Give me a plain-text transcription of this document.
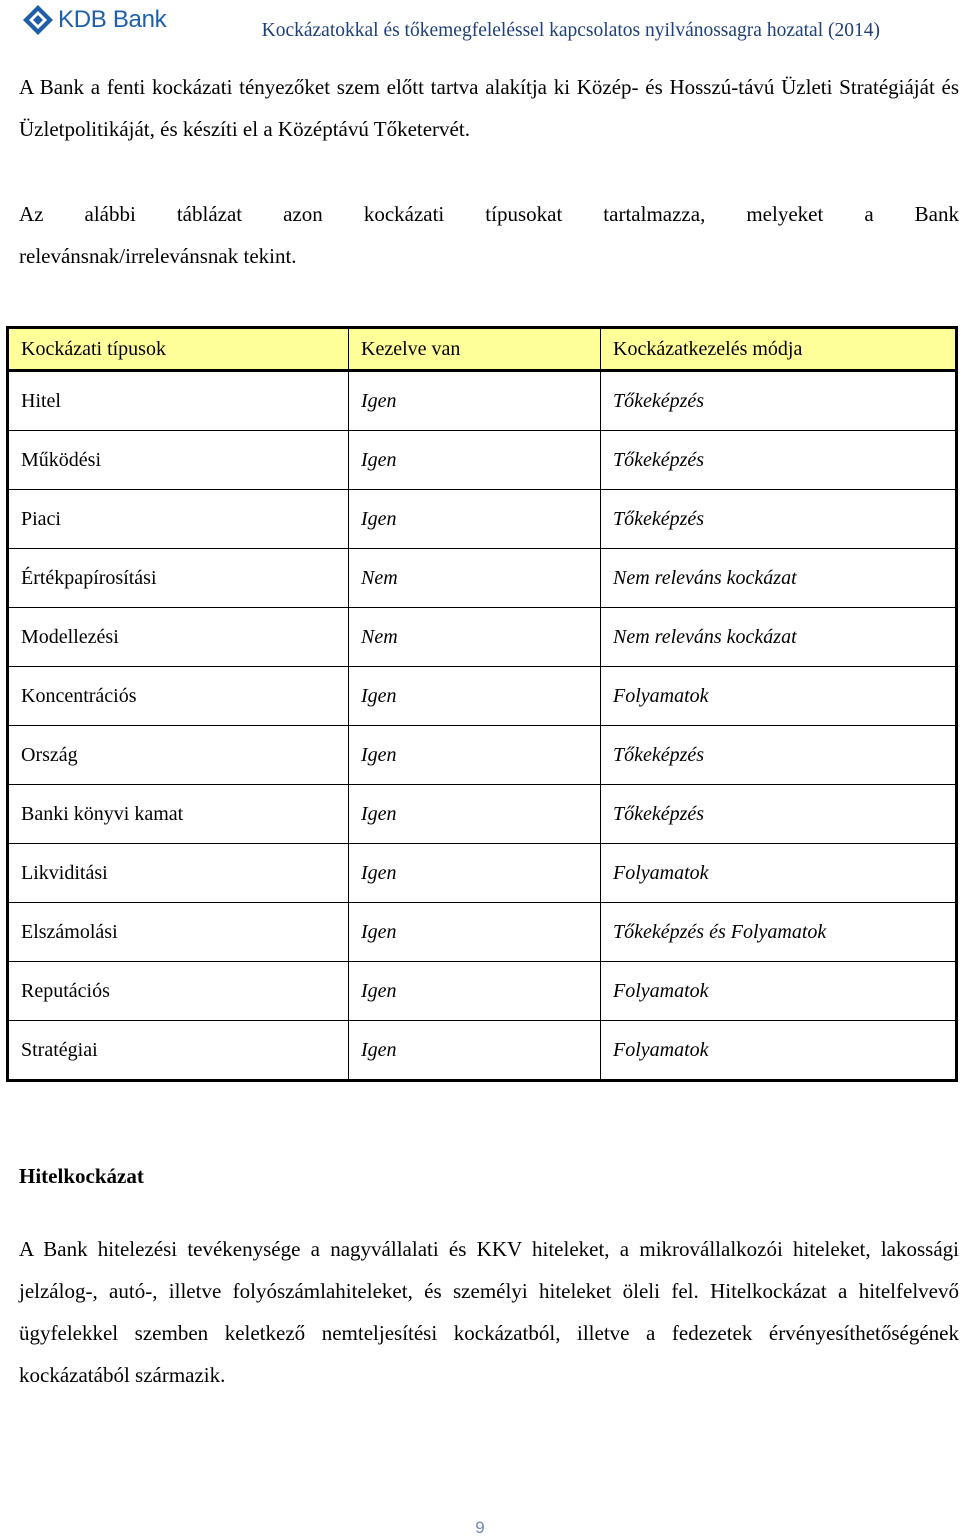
KDB Bank	Kockázatokkal és tőkemegfeleléssel kapcsolatos nyilvánossagra hozatal (2014)
A Bank a fenti kockázati tényezőket szem előtt tartva alakítja ki Közép- és Hosszú-távú Üzleti Stratégiáját és Üzletpolitikáját, és készíti el a Középtávú Tőketervét.
Az alábbi táblázat azon kockázati típusokat tartalmazza, melyeket a Bank
relevánsnak/irrelevánsnak tekint.
Kockázati típusok	Kezelve van	Kockázatkezelés módja
Hitel	Igen	Tőkeképzés
Működési	Igen	Tőkeképzés
Piaci	Igen	Tőkeképzés
Értékpapírosítási	Nem	Nem releváns kockázat
Modellezési	Nem	Nem releváns kockázat
Koncentrációs	Igen	Folyamatok
Ország	Igen	Tőkeképzés
Banki könyvi kamat	Igen	Tőkeképzés
Likviditási	Igen	Folyamatok
Elszámolási	Igen	Tőkeképzés és Folyamatok
Reputációs	Igen	Folyamatok
Stratégiai	Igen	Folyamatok
Hitelkockázat
A Bank hitelezési tevékenysége a nagyvállalati és KKV hiteleket, a mikrovállalkozói hiteleket, lakossági jelzálog-, autó-, illetve folyószámlahiteleket, és személyi hiteleket öleli fel. Hitelkockázat a hitelfelvevő ügyfelekkel szemben keletkező nemteljesítési kockázatból, illetve a fedezetek érvényesíthetőségének kockázatából származik.
9
